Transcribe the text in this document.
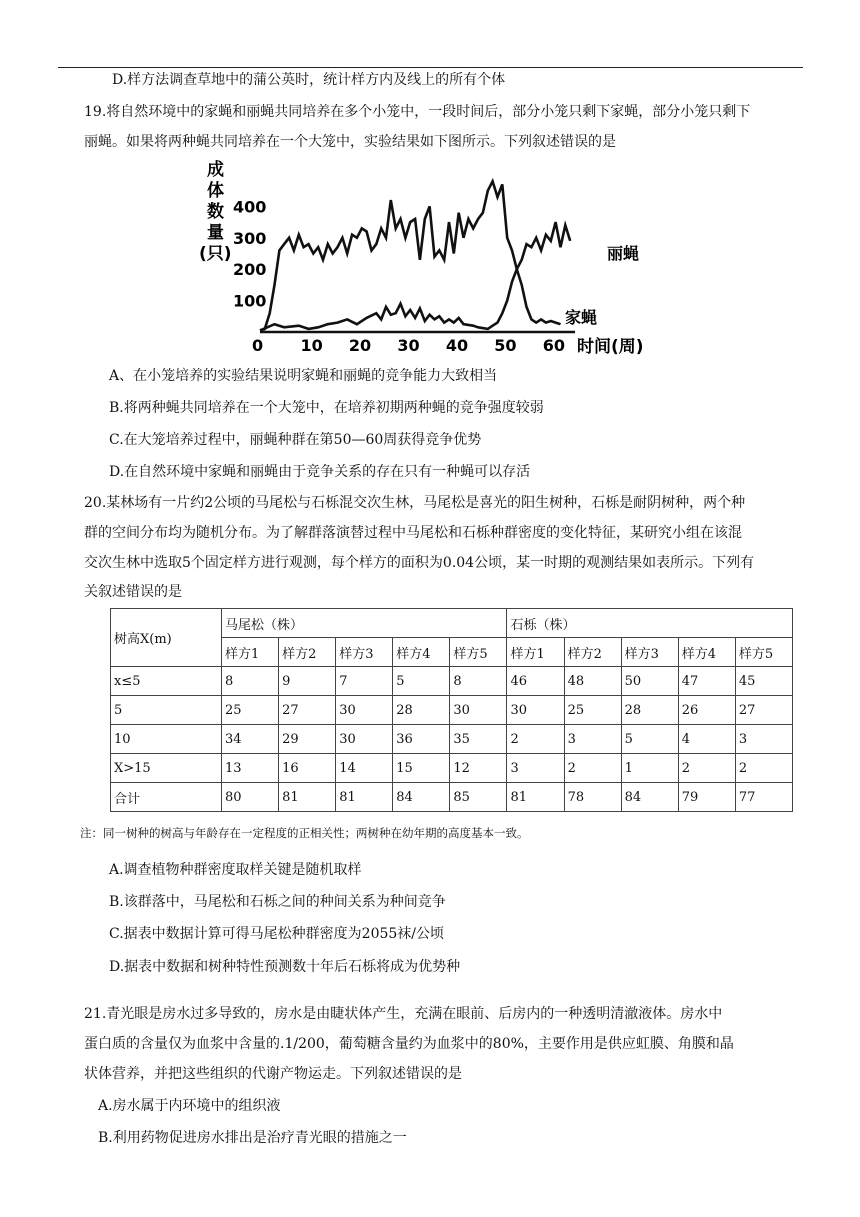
D.样方法调查草地中的蒲公英时，统计样方内及线上的所有个体
19.将自然环境中的家蝇和丽蝇共同培养在多个小笼中，一段时间后，部分小笼只剩下家蝇，部分小笼只剩下
丽蝇。如果将两种蝇共同培养在一个大笼中，实验结果如下图所示。下列叙述错误的是
成体数量(只)
0 10 20 30 40 50 60
100
200
300
400
时间(周)
丽蝇
家蝇
A、在小笼培养的实验结果说明家蝇和丽蝇的竞争能力大致相当
B.将两种蝇共同培养在一个大笼中，在培养初期两种蝇的竞争强度较弱
C.在大笼培养过程中，丽蝇种群在第50—60周获得竞争优势
D.在自然环境中家蝇和丽蝇由于竞争关系的存在只有一种蝇可以存活
20.某林场有一片约2公顷的马尾松与石栎混交次生林，马尾松是喜光的阳生树种，石栎是耐阴树种，两个种
群的空间分布均为随机分布。为了解群落演替过程中马尾松和石栎种群密度的变化特征，某研究小组在该混
交次生林中选取5个固定样方进行观测，每个样方的面积为0.04公顷，某一时期的观测结果如表所示。下列有
关叙述错误的是
树高X(m)	马尾松（株）					石栎（株）				
	样方1	样方2	样方3	样方4	样方5	样方1	样方2	样方3	样方4	样方5
x≤5	8	9	7	5	8	46	48	50	47	45
5	25	27	30	28	30	30	25	28	26	27
10	34	29	30	36	35	2	3	5	4	3
X>15	13	16	14	15	12	3	2	1	2	2
合计	80	81	81	84	85	81	78	84	79	77
注：同一树种的树高与年龄存在一定程度的正相关性；两树种在幼年期的高度基本一致。
A.调查植物种群密度取样关键是随机取样
B.该群落中，马尾松和石栎之间的种间关系为种间竞争
C.据表中数据计算可得马尾松种群密度为2055袜/公顷
D.据表中数据和树种特性预测数十年后石栎将成为优势种
21.青光眼是房水过多导致的，房水是由睫状体产生，充满在眼前、后房内的一种透明清澈液体。房水中
蛋白质的含量仅为血浆中含量的.1/200，葡萄糖含量约为血浆中的80%，主要作用是供应虹膜、角膜和晶
状体营养，并把这些组织的代谢产物运走。下列叙述错误的是
A.房水属于内环境中的组织液
B.利用药物促进房水排出是治疗青光眼的措施之一
